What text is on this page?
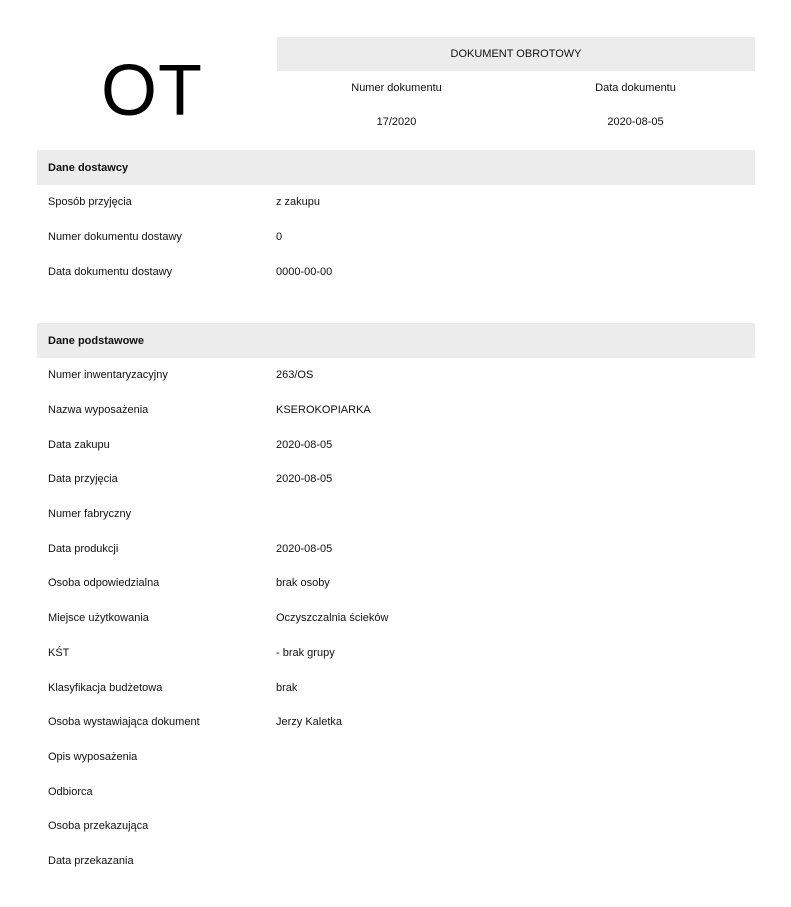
OT	DOKUMENT OBROTOWY
Numer dokumentu	Data dokumentu
17/2020	2020-08-05
Dane dostawcy
Sposób przyjęcia	z zakupu
Numer dokumentu dostawy	0
Data dokumentu dostawy	0000-00-00
Dane podstawowe
Numer inwentaryzacyjny	263/OS
Nazwa wyposażenia	KSEROKOPIARKA
Data zakupu	2020-08-05
Data przyjęcia	2020-08-05
Numer fabryczny
Data produkcji	2020-08-05
Osoba odpowiedzialna	brak osoby
Miejsce użytkowania	Oczyszczalnia ścieków
KŚT	- brak grupy
Klasyfikacja budżetowa	brak
Osoba wystawiająca dokument	Jerzy Kaletka
Opis wyposażenia
Odbiorca
Osoba przekazująca
Data przekazania
